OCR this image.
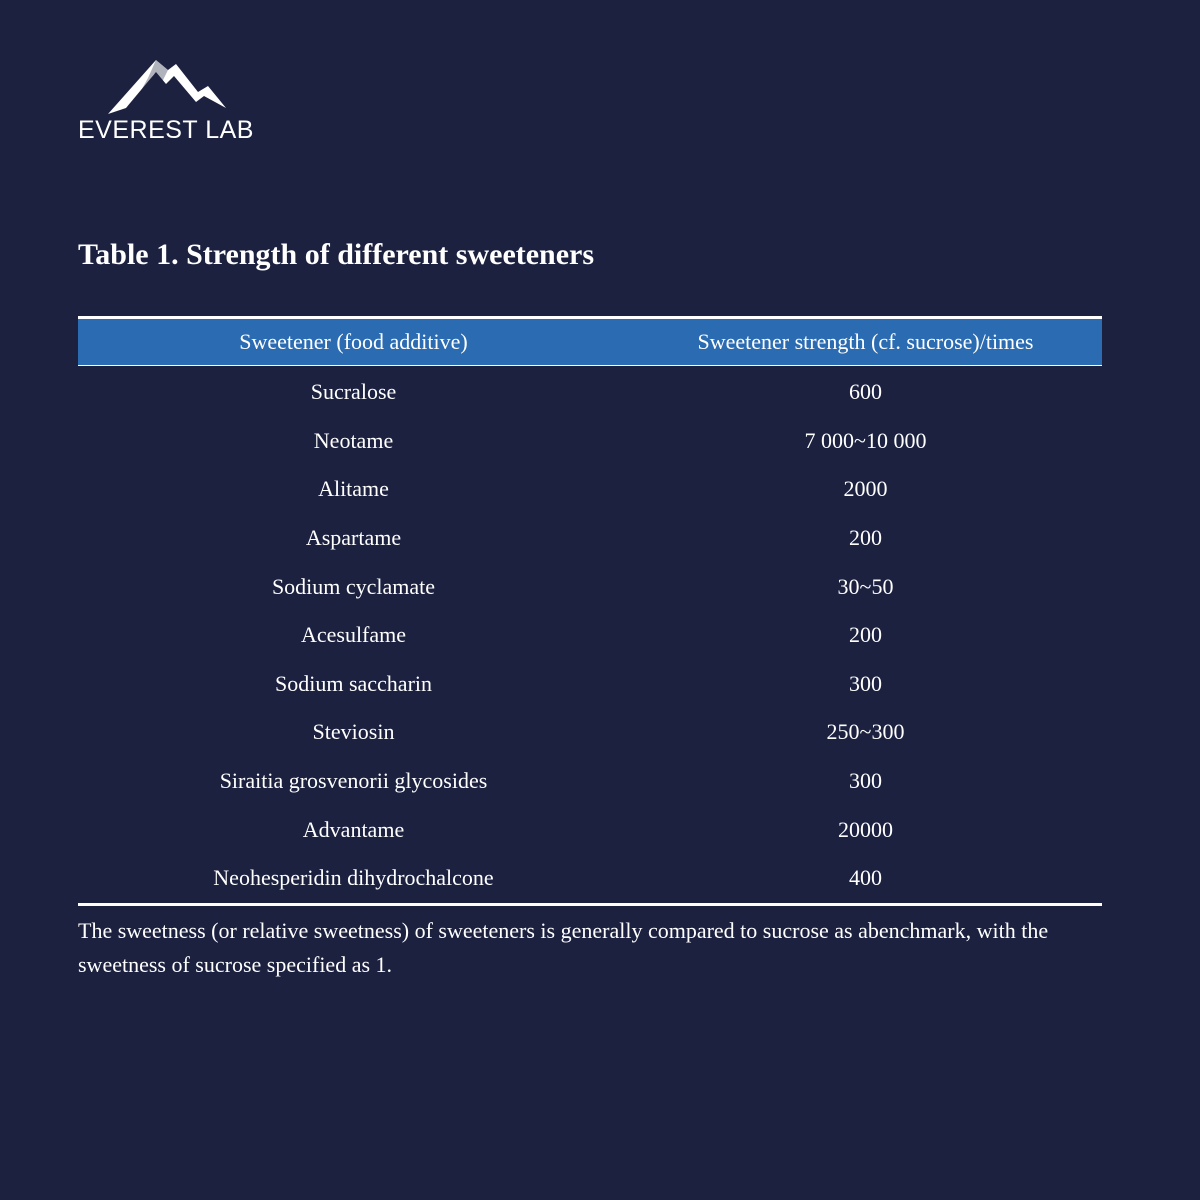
EVEREST LAB
Table 1. Strength of different sweeteners
Sweetener (food additive)	Sweetener strength (cf. sucrose)/times
Sucralose	600
Neotame	7 000~10 000
Alitame	2000
Aspartame	200
Sodium cyclamate	30~50
Acesulfame	200
Sodium saccharin	300
Steviosin	250~300
Siraitia grosvenorii glycosides	300
Advantame	20000
Neohesperidin dihydrochalcone	400

The sweetness (or relative sweetness) of sweeteners is generally compared to sucrose as abenchmark, with the sweetness of sucrose specified as 1.
